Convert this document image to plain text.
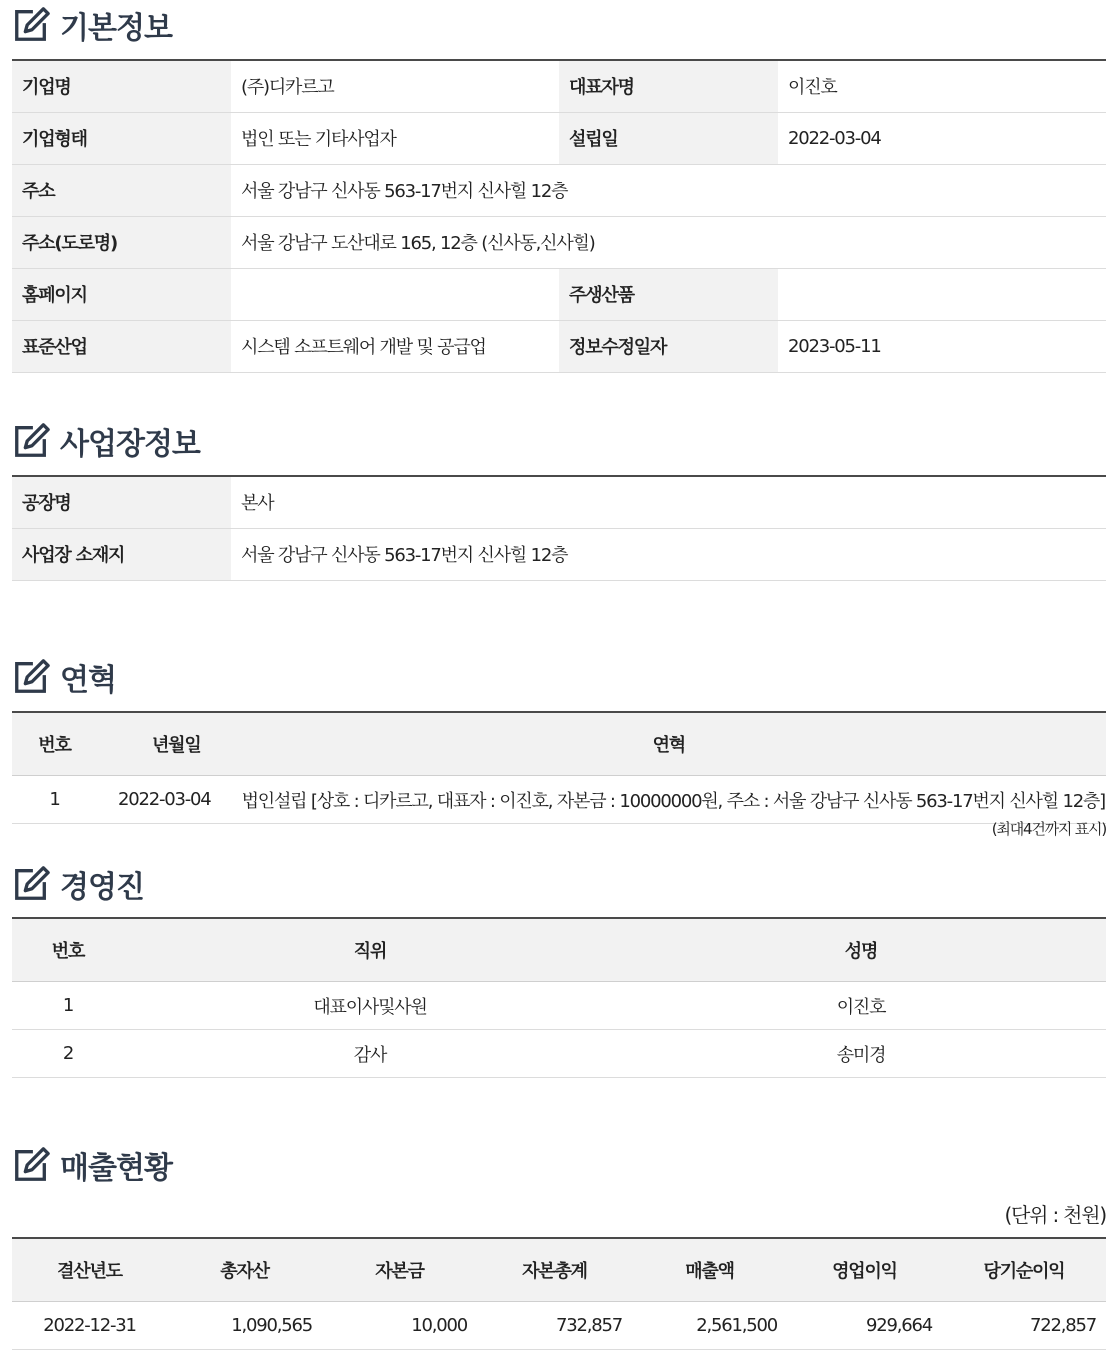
기본정보
기업명	(주)디카르고	대표자명	이진호
기업형태	법인 또는 기타사업자	설립일	2022-03-04
주소	서울 강남구 신사동 563-17번지 신사힐 12층		
주소(도로명)	서울 강남구 도산대로 165, 12층 (신사동,신사힐)		
홈페이지		주생산품	
표준산업	시스템 소프트웨어 개발 및 공급업	정보수정일자	2023-05-11
사업장정보
공장명	본사
사업장 소재지	서울 강남구 신사동 563-17번지 신사힐 12층
연혁
번호	년월일	연혁
1	2022-03-04	법인설립 [상호 : 디카르고, 대표자 : 이진호, 자본금 : 10000000원, 주소 : 서울 강남구 신사동 563-17번지 신사힐 12층]
(최대4건까지 표시)
경영진
번호	직위	성명
1	대표이사및사원	이진호
2	감사	송미경
매출현황
(단위 : 천원)
결산년도	총자산	자본금	자본총계	매출액	영업이익	당기순이익
2022-12-31	1,090,565	10,000	732,857	2,561,500	929,664	722,857
